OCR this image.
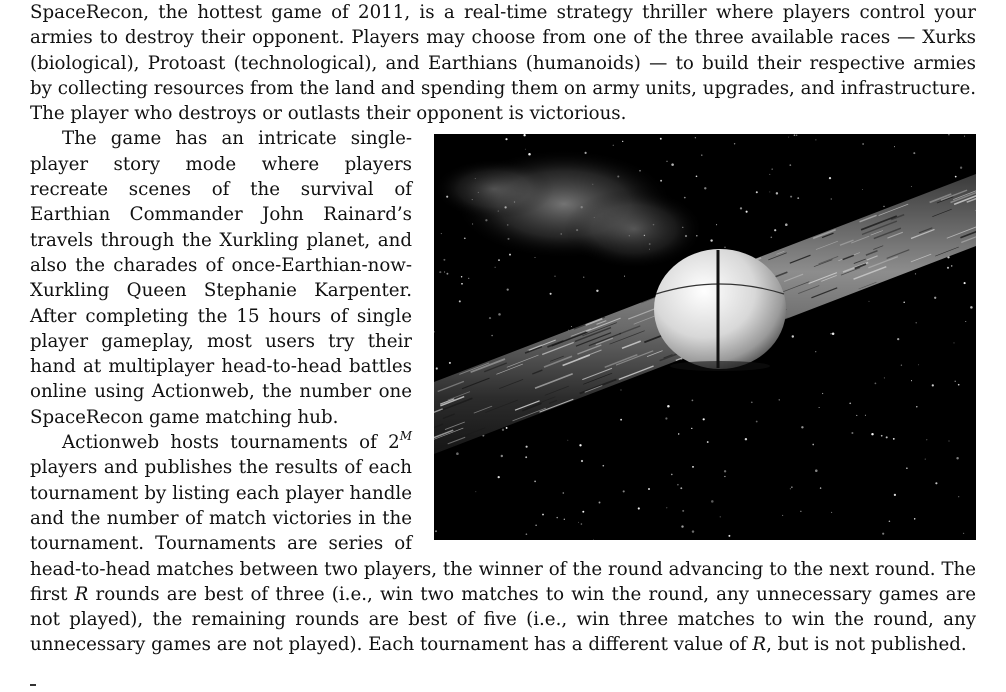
SpaceRecon, the hottest game of 2011, is a real-time strategy thriller where players control your armies to destroy their opponent. Players may choose from one of the three available races — Xurks (biological), Protoast (technological), and Earthians (humanoids) — to build their respective armies by collecting resources from the land and spending them on army units, upgrades, and infrastructure. The player who destroys or outlasts their opponent is victorious.

The game has an intricate single-player story mode where players recreate scenes of the survival of Earthian Commander John Rainard’s travels through the Xurkling planet, and also the charades of once-Earthian-now-Xurkling Queen Stephanie Karpenter. After completing the 15 hours of single player gameplay, most users try their hand at multiplayer head-to-head battles online using Actionweb, the number one SpaceRecon game matching hub.

Actionweb hosts tournaments of $2^M$ players and publishes the results of each tournament by listing each player handle and the number of match victories in the tournament. Tournaments are series of head-to-head matches between two players, the winner of the round advancing to the next round. The first R rounds are best of three (i.e., win two matches to win the round, any unnecessary games are not played), the remaining rounds are best of five (i.e., win three matches to win the round, any unnecessary games are not played). Each tournament has a different value of R, but is not published.
